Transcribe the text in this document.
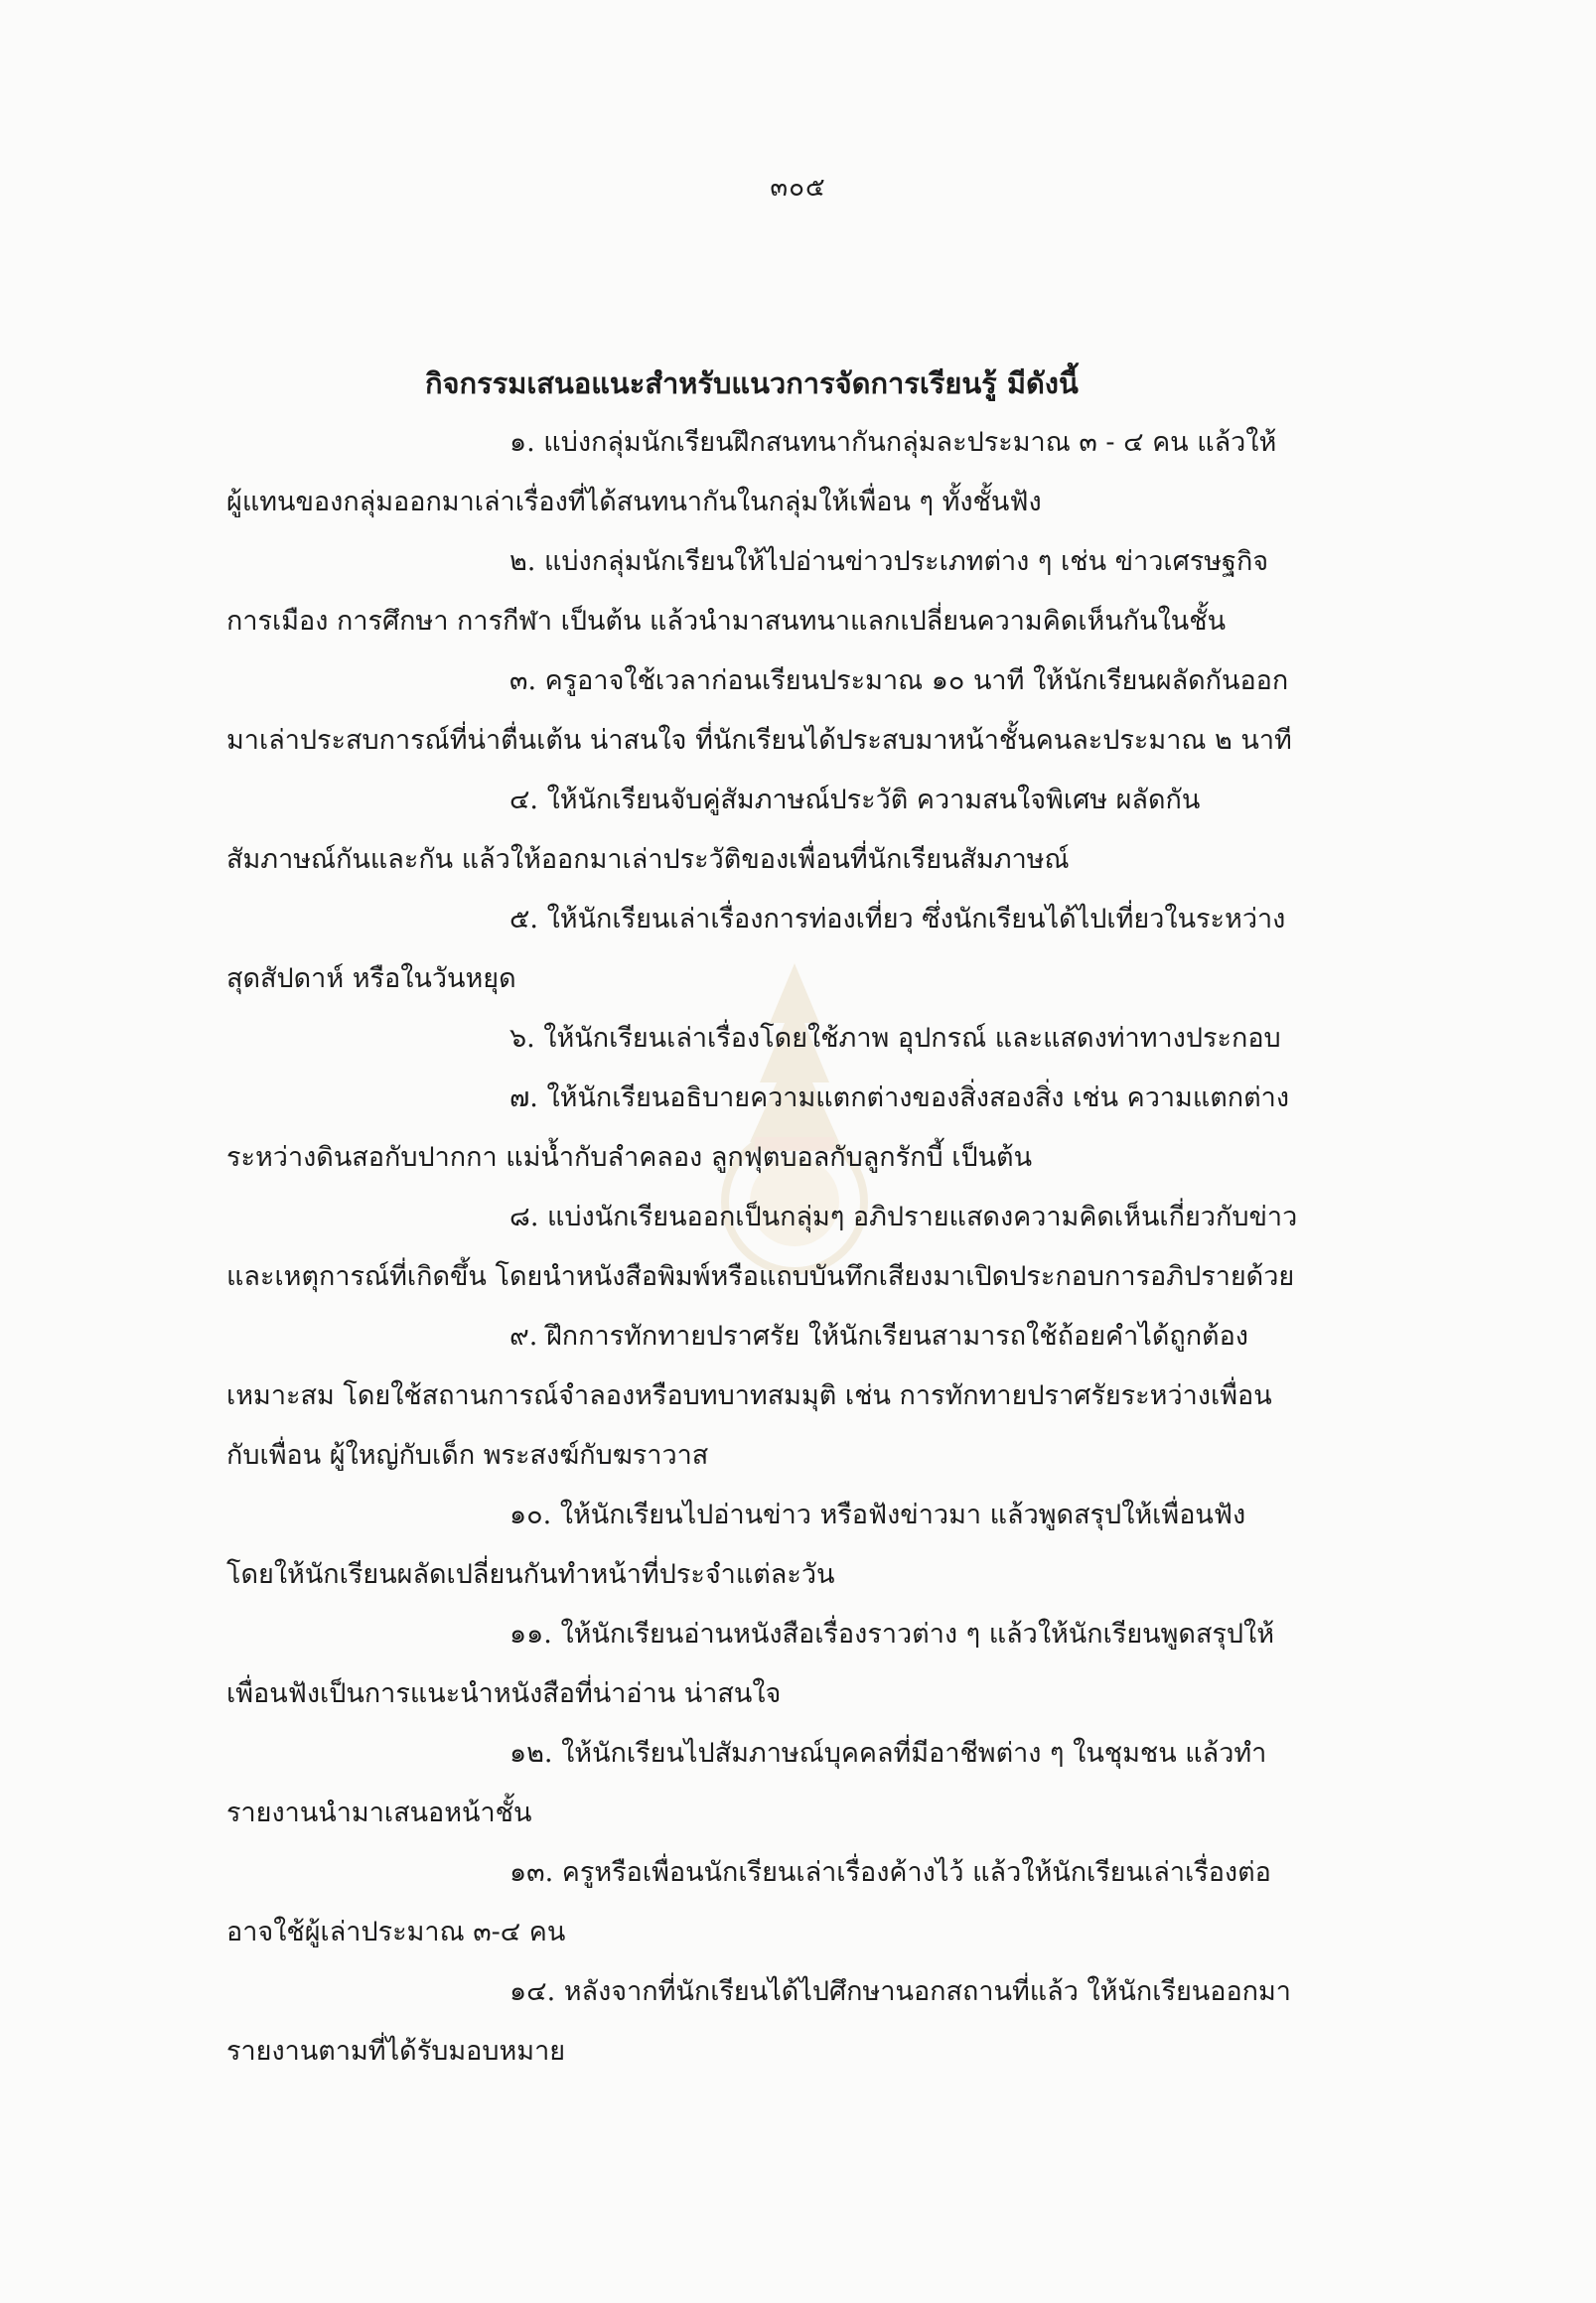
๓๐๕
กิจกรรมเสนอแนะสำหรับแนวการจัดการเรียนรู้ มีดังนี้
๑. แบ่งกลุ่มนักเรียนฝึกสนทนากันกลุ่มละประมาณ ๓ - ๔ คน แล้วให้
ผู้แทนของกลุ่มออกมาเล่าเรื่องที่ได้สนทนากันในกลุ่มให้เพื่อน ๆ ทั้งชั้นฟัง
๒. แบ่งกลุ่มนักเรียนให้ไปอ่านข่าวประเภทต่าง ๆ เช่น ข่าวเศรษฐกิจ
การเมือง การศึกษา การกีฬา เป็นต้น แล้วนำมาสนทนาแลกเปลี่ยนความคิดเห็นกันในชั้น
๓. ครูอาจใช้เวลาก่อนเรียนประมาณ ๑๐ นาที ให้นักเรียนผลัดกันออก
มาเล่าประสบการณ์ที่น่าตื่นเต้น น่าสนใจ ที่นักเรียนได้ประสบมาหน้าชั้นคนละประมาณ ๒ นาที
๔. ให้นักเรียนจับคู่สัมภาษณ์ประวัติ ความสนใจพิเศษ ผลัดกัน
สัมภาษณ์กันและกัน แล้วให้ออกมาเล่าประวัติของเพื่อนที่นักเรียนสัมภาษณ์
๕. ให้นักเรียนเล่าเรื่องการท่องเที่ยว ซึ่งนักเรียนได้ไปเที่ยวในระหว่าง
สุดสัปดาห์ หรือในวันหยุด
๖. ให้นักเรียนเล่าเรื่องโดยใช้ภาพ อุปกรณ์ และแสดงท่าทางประกอบ
๗. ให้นักเรียนอธิบายความแตกต่างของสิ่งสองสิ่ง เช่น ความแตกต่าง
ระหว่างดินสอกับปากกา แม่น้ำกับลำคลอง ลูกฟุตบอลกับลูกรักบี้ เป็นต้น
๘. แบ่งนักเรียนออกเป็นกลุ่มๆ อภิปรายแสดงความคิดเห็นเกี่ยวกับข่าว
และเหตุการณ์ที่เกิดขึ้น โดยนำหนังสือพิมพ์หรือแถบบันทึกเสียงมาเปิดประกอบการอภิปรายด้วย
๙. ฝึกการทักทายปราศรัย ให้นักเรียนสามารถใช้ถ้อยคำได้ถูกต้อง
เหมาะสม โดยใช้สถานการณ์จำลองหรือบทบาทสมมุติ เช่น การทักทายปราศรัยระหว่างเพื่อน
กับเพื่อน ผู้ใหญ่กับเด็ก พระสงฆ์กับฆราวาส
๑๐. ให้นักเรียนไปอ่านข่าว หรือฟังข่าวมา แล้วพูดสรุปให้เพื่อนฟัง
โดยให้นักเรียนผลัดเปลี่ยนกันทำหน้าที่ประจำแต่ละวัน
๑๑. ให้นักเรียนอ่านหนังสือเรื่องราวต่าง ๆ แล้วให้นักเรียนพูดสรุปให้
เพื่อนฟังเป็นการแนะนำหนังสือที่น่าอ่าน น่าสนใจ
๑๒. ให้นักเรียนไปสัมภาษณ์บุคคลที่มีอาชีพต่าง ๆ ในชุมชน แล้วทำ
รายงานนำมาเสนอหน้าชั้น
๑๓. ครูหรือเพื่อนนักเรียนเล่าเรื่องค้างไว้ แล้วให้นักเรียนเล่าเรื่องต่อ
อาจใช้ผู้เล่าประมาณ ๓-๔ คน
๑๔. หลังจากที่นักเรียนได้ไปศึกษานอกสถานที่แล้ว ให้นักเรียนออกมา
รายงานตามที่ได้รับมอบหมาย
